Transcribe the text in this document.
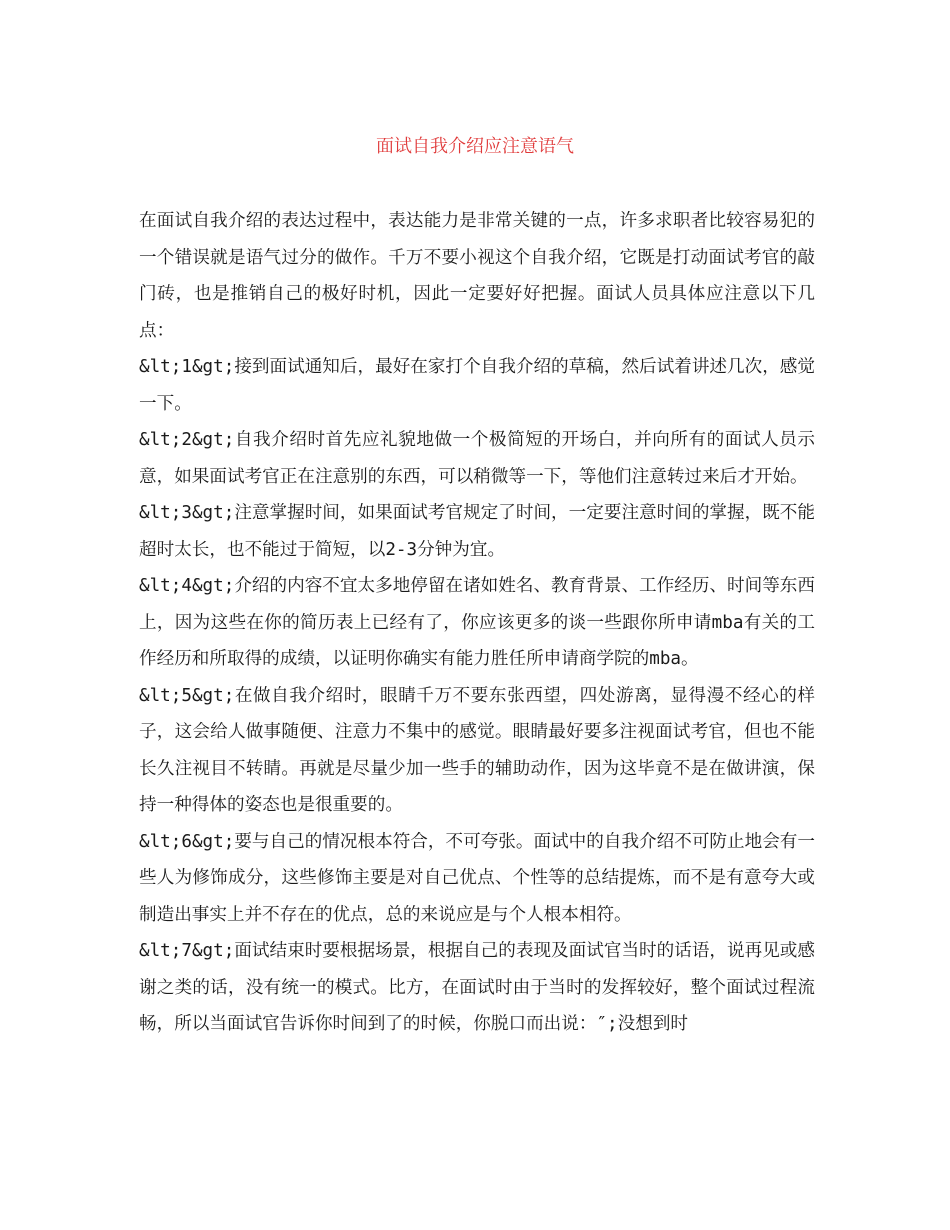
面试自我介绍应注意语气

在面试自我介绍的表达过程中，表达能力是非常关键的一点，许多求职者比较容易犯的一个错误就是语气过分的做作。千万不要小视这个自我介绍，它既是打动面试考官的敲门砖，也是推销自己的极好时机，因此一定要好好把握。面试人员具体应注意以下几点：

&lt;1&gt;接到面试通知后，最好在家打个自我介绍的草稿，然后试着讲述几次，感觉一下。

&lt;2&gt;自我介绍时首先应礼貌地做一个极简短的开场白，并向所有的面试人员示意，如果面试考官正在注意别的东西，可以稍微等一下，等他们注意转过来后才开始。

&lt;3&gt;注意掌握时间，如果面试考官规定了时间，一定要注意时间的掌握，既不能超时太长，也不能过于简短，以2-3分钟为宜。

&lt;4&gt;介绍的内容不宜太多地停留在诸如姓名、教育背景、工作经历、时间等东西上，因为这些在你的简历表上已经有了，你应该更多的谈一些跟你所申请mba有关的工作经历和所取得的成绩，以证明你确实有能力胜任所申请商学院的mba。

&lt;5&gt;在做自我介绍时，眼睛千万不要东张西望，四处游离，显得漫不经心的样子，这会给人做事随便、注意力不集中的感觉。眼睛最好要多注视面试考官，但也不能长久注视目不转睛。再就是尽量少加一些手的辅助动作，因为这毕竟不是在做讲演，保持一种得体的姿态也是很重要的。

&lt;6&gt;要与自己的情况根本符合，不可夸张。面试中的自我介绍不可防止地会有一些人为修饰成分，这些修饰主要是对自己优点、个性等的总结提炼，而不是有意夸大或制造出事实上并不存在的优点，总的来说应是与个人根本相符。

&lt;7&gt;面试结束时要根据场景，根据自己的表现及面试官当时的话语，说再见或感谢之类的话，没有统一的模式。比方，在面试时由于当时的发挥较好，整个面试过程流畅，所以当面试官告诉你时间到了的时候，你脱口而出说：″;没想到时
